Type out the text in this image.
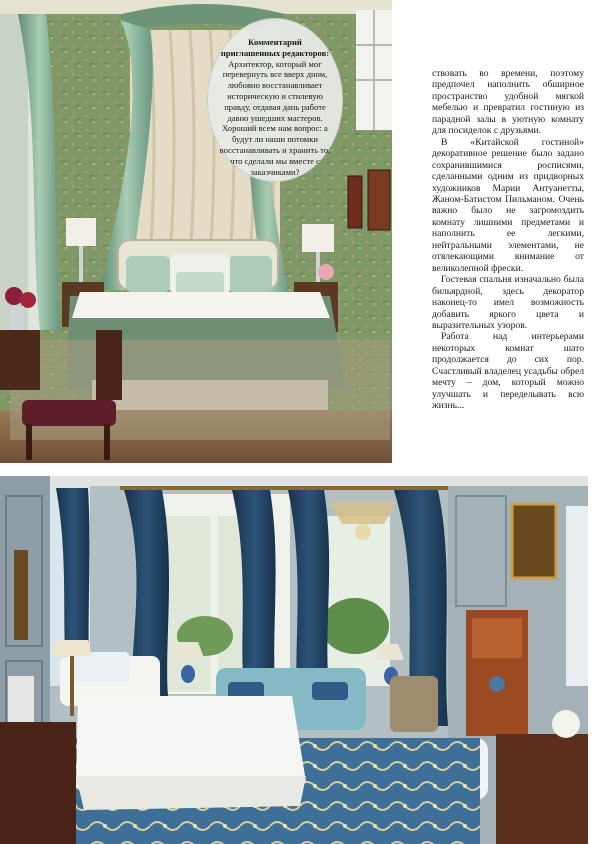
Комментарий приглашенных редакторов:
Архитектор, который мог перевернуть все вверх дном, любовно восстанавливает историческую и стилевую правду, отдавая дань работе давно ушедших мастеров. Хороший всем нам вопрос: а будут ли наши потомки восстанавливать и хранить то, что сделали мы вместе с заказчиками?

ствовать во времени, поэтому предпочел наполнить обширное пространство удобной мягкой мебелью и превратил гостиную из парадной залы в уютную комнату для посиделок с друзьями.

В «Китайской гостиной» декоративное решение было задано сохранившимися росписями, сделанными одним из придворных художников Марии Антуанетты, Жаном-Батистом Пильманом. Очень важно было не загромоздить комнату лишними предметами и наполнить ее легкими, нейтральными элементами, не отвлекающими внимание от великолепной фрески.

Гостевая спальня изначально была бильярдной, здесь декоратор наконец-то имел возможность добавить яркого цвета и выразительных узоров.

Работа над интерьерами некоторых комнат шато продолжается до сих пор. Счастливый владелец усадьбы обрел мечту – дом, который можно улучшать и переделывать всю жизнь...
